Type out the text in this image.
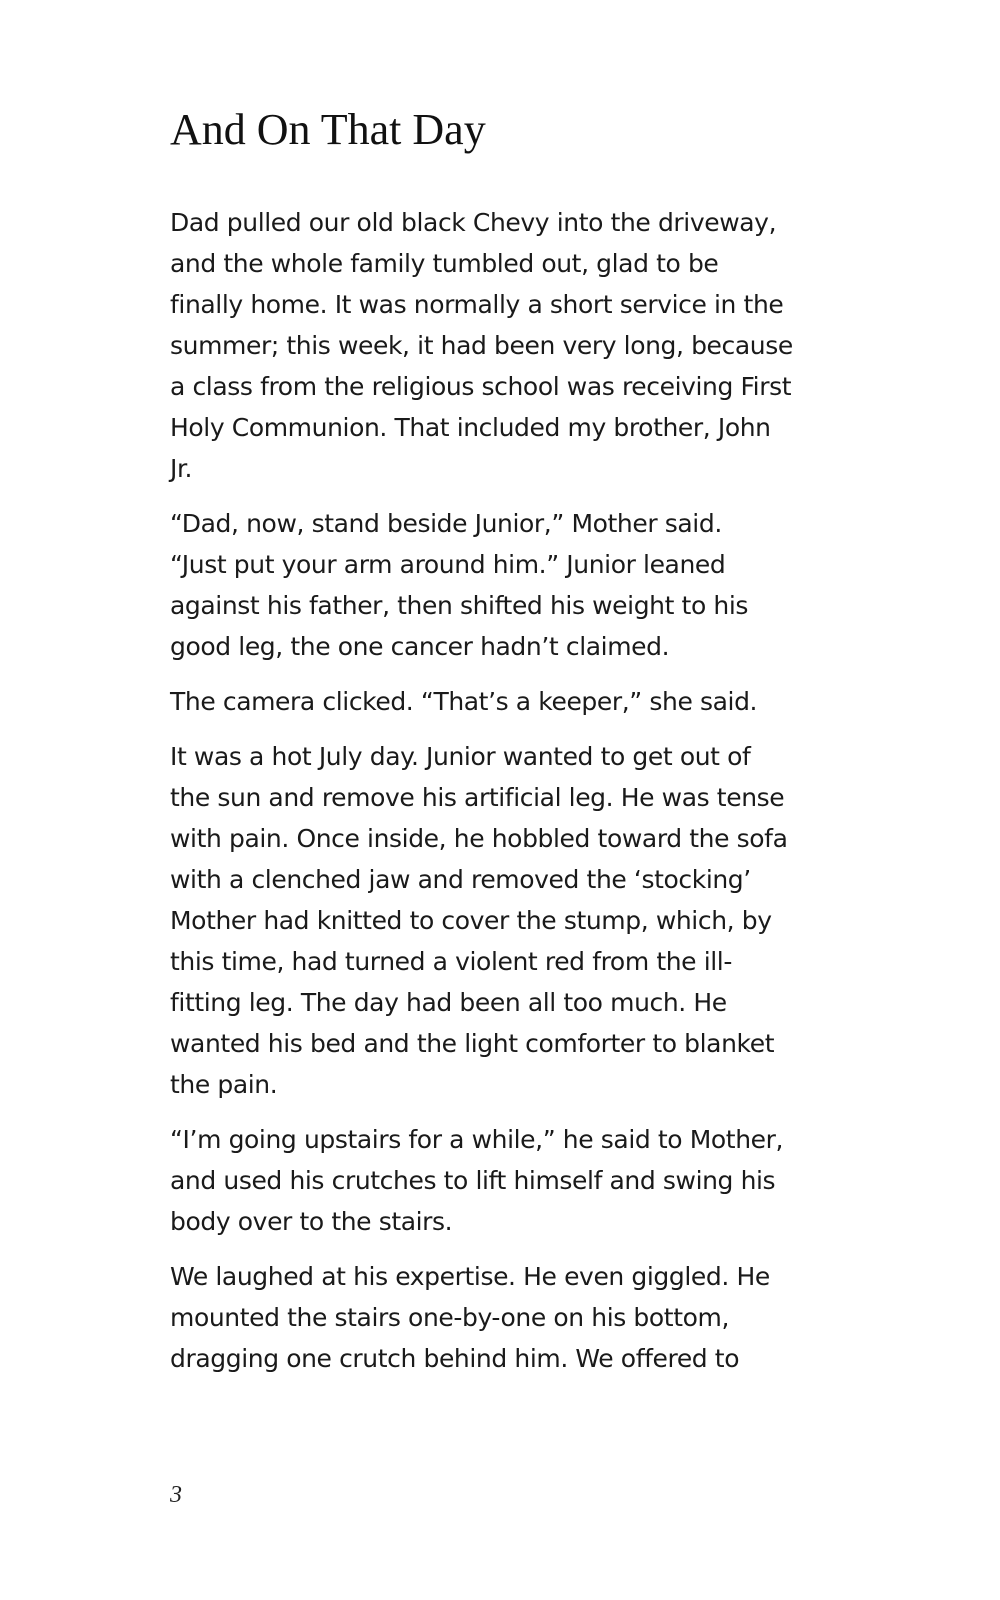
And On That Day

Dad pulled our old black Chevy into the driveway,
and the whole family tumbled out, glad to be
finally home. It was normally a short service in the
summer; this week, it had been very long, because
a class from the religious school was receiving First
Holy Communion. That included my brother, John
Jr.

“Dad, now, stand beside Junior,” Mother said.
“Just put your arm around him.” Junior leaned
against his father, then shifted his weight to his
good leg, the one cancer hadn’t claimed.

The camera clicked. “That’s a keeper,” she said.

It was a hot July day. Junior wanted to get out of
the sun and remove his artificial leg. He was tense
with pain. Once inside, he hobbled toward the sofa
with a clenched jaw and removed the ‘stocking’
Mother had knitted to cover the stump, which, by
this time, had turned a violent red from the ill-
fitting leg. The day had been all too much. He
wanted his bed and the light comforter to blanket
the pain.

“I’m going upstairs for a while,” he said to Mother,
and used his crutches to lift himself and swing his
body over to the stairs.

We laughed at his expertise. He even giggled. He
mounted the stairs one-by-one on his bottom,
dragging one crutch behind him. We offered to

3
